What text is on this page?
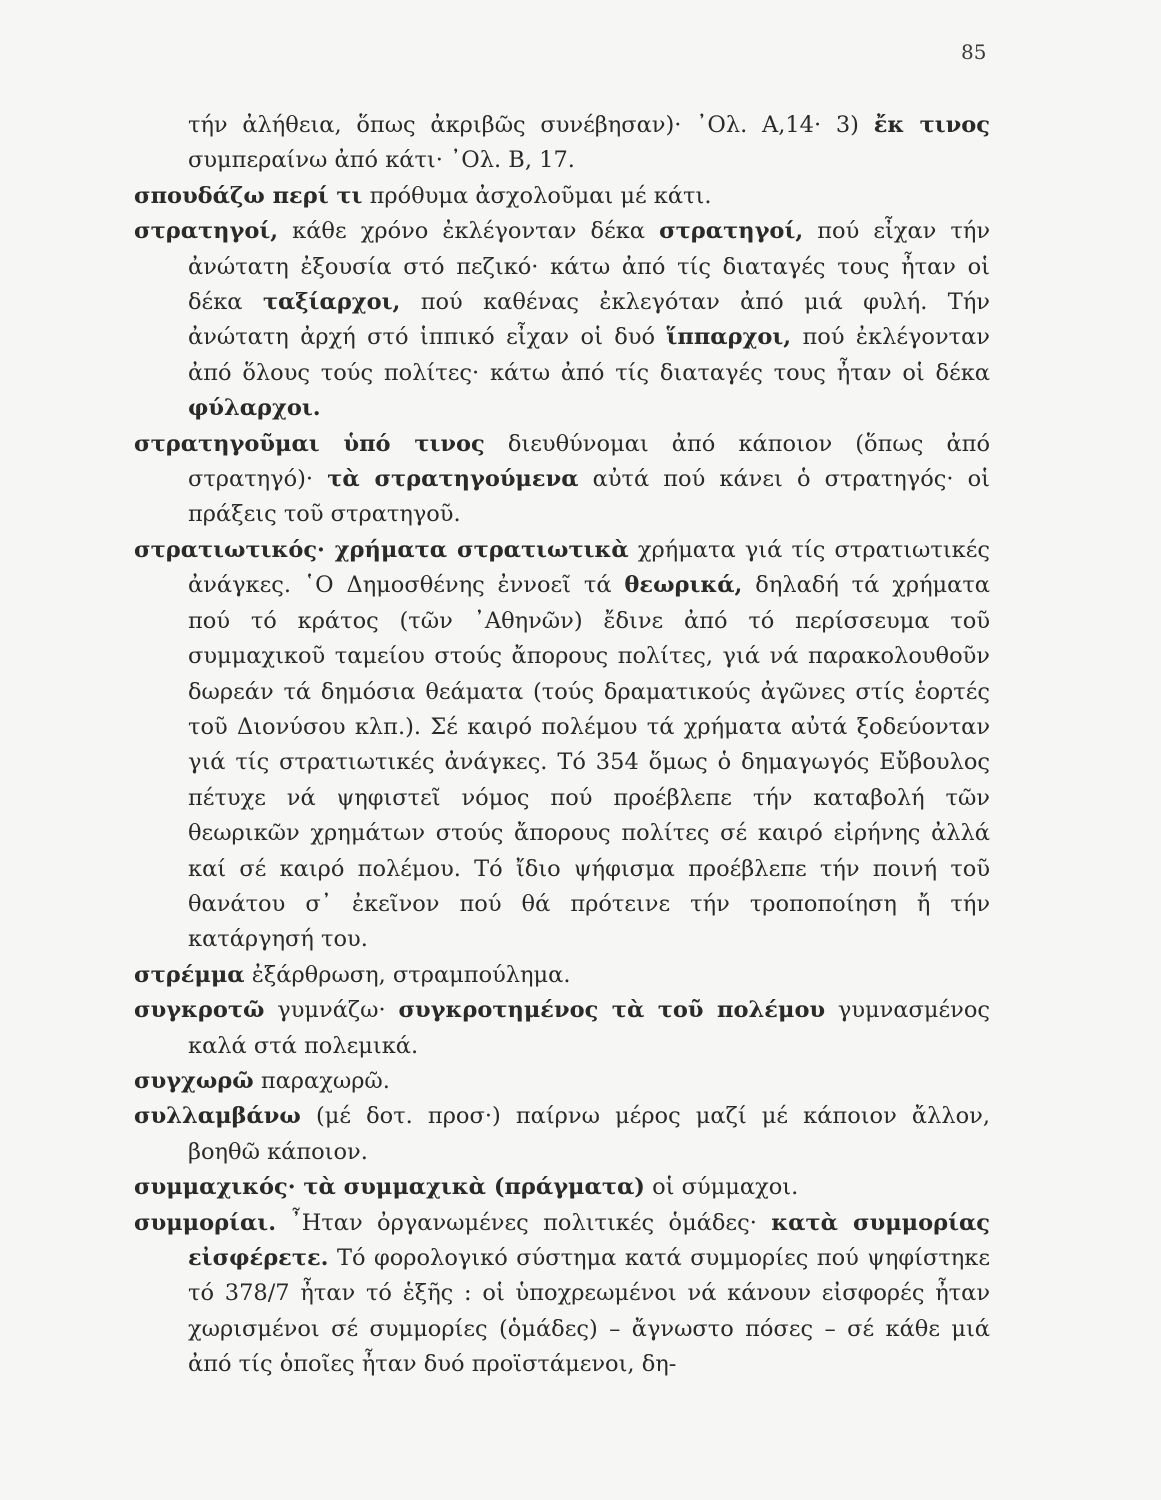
85

τήν ἀλήθεια, ὅπως ἀκριβῶς συνέβησαν)· ᾿Ολ. Α,14· 3) ἔκ τινος συμπεραίνω ἀπό κάτι· ᾿Ολ. Β, 17.

σπουδάζω περί τι πρόθυμα ἀσχολοῦμαι μέ κάτι.

στρατηγοί, κάθε χρόνο ἐκλέγονταν δέκα στρατηγοί, πού εἶχαν τήν ἀνώτατη ἐξουσία στό πεζικό· κάτω ἀπό τίς διαταγές τους ἦταν οἱ δέκα ταξίαρχοι, πού καθένας ἐκλεγόταν ἀπό μιά φυλή. Τήν ἀνώτατη ἀρχή στό ἱππικό εἶχαν οἱ δυό ἵππαρχοι, πού ἐκλέγονταν ἀπό ὅλους τούς πολίτες· κάτω ἀπό τίς διαταγές τους ἦταν οἱ δέκα φύλαρχοι.

στρατηγοῦμαι ὑπό τινος διευθύνομαι ἀπό κάποιον (ὅπως ἀπό στρατηγό)· τὰ στρατηγούμενα αὐτά πού κάνει ὁ στρατηγός· οἱ πράξεις τοῦ στρατηγοῦ.

στρατιωτικός· χρήματα στρατιωτικὰ χρήματα γιά τίς στρατιωτικές ἀνάγκες. ῾Ο Δημοσθένης ἐννοεῖ τά θεωρικά, δηλαδή τά χρήματα πού τό κράτος (τῶν ᾿Αθηνῶν) ἔδινε ἀπό τό περίσσευμα τοῦ συμμαχικοῦ ταμείου στούς ἄπορους πολίτες, γιά νά παρακολουθοῦν δωρεάν τά δημόσια θεάματα (τούς δραματικούς ἀγῶνες στίς ἑορτές τοῦ Διονύσου κλπ.). Σέ καιρό πολέμου τά χρήματα αὐτά ξοδεύονταν γιά τίς στρατιωτικές ἀνάγκες. Τό 354 ὅμως ὁ δημαγωγός Εὔβουλος πέτυχε νά ψηφιστεῖ νόμος πού προέβλεπε τήν καταβολή τῶν θεωρικῶν χρημάτων στούς ἄπορους πολίτες σέ καιρό εἰρήνης ἀλλά καί σέ καιρό πολέμου. Τό ἴδιο ψήφισμα προέβλεπε τήν ποινή τοῦ θανάτου σ᾿ ἐκεῖνον πού θά πρότεινε τήν τροποποίηση ἤ τήν κατάργησή του.

στρέμμα ἐξάρθρωση, στραμπούλημα.

συγκροτῶ γυμνάζω· συγκροτημένος τὰ τοῦ πολέμου γυμνασμένος καλά στά πολεμικά.

συγχωρῶ παραχωρῶ.

συλλαμβάνω (μέ δοτ. προσ·) παίρνω μέρος μαζί μέ κάποιον ἄλλον, βοηθῶ κάποιον.

συμμαχικός· τὰ συμμαχικὰ (πράγματα) οἱ σύμμαχοι.

συμμορίαι. ῏Ηταν ὀργανωμένες πολιτικές ὁμάδες· κατὰ συμμορίας εἰσφέρετε. Τό φορολογικό σύστημα κατά συμμορίες πού ψηφίστηκε τό 378/7 ἦταν τό ἑξῆς : οἱ ὑποχρεωμένοι νά κάνουν εἰσφορές ἦταν χωρισμένοι σέ συμμορίες (ὁμάδες) – ἄγνωστο πόσες – σέ κάθε μιά ἀπό τίς ὁποῖες ἦταν δυό προϊστάμενοι, δη-
